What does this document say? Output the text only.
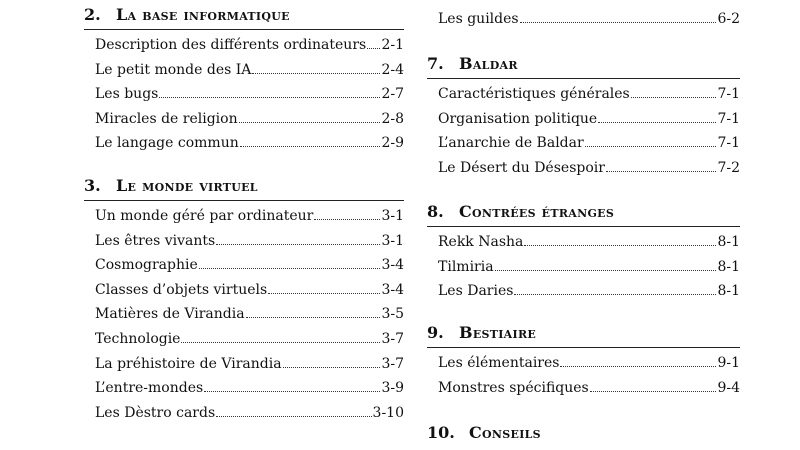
2. La base informatique
Description des différents ordinateurs 2-1
Le petit monde des IA	2-4
Les bugs	2-7
Miracles de religion	2-8
Le langage commun	2-9
3. Le monde virtuel
Un monde géré par ordinateur	3-1
Les êtres vivants	3-1
Cosmographie	3-4
Classes d’objets virtuels	3-4
Matières de Virandia	3-5
Technologie	3-7
La préhistoire de Virandia	3-7
L’entre-mondes	3-9
Les Dèstro cards	3-10
Les guildes	6-2
7. Baldar
Caractéristiques générales	7-1
Organisation politique	7-1
L’anarchie de Baldar	7-1
Le Désert du Désespoir	7-2
8. Contrées étranges
Rekk Nasha	8-1
Tilmiria	8-1
Les Daries	8-1
9. Bestiaire
Les élémentaires	9-1
Monstres spécifiques	9-4
10. Conseils
